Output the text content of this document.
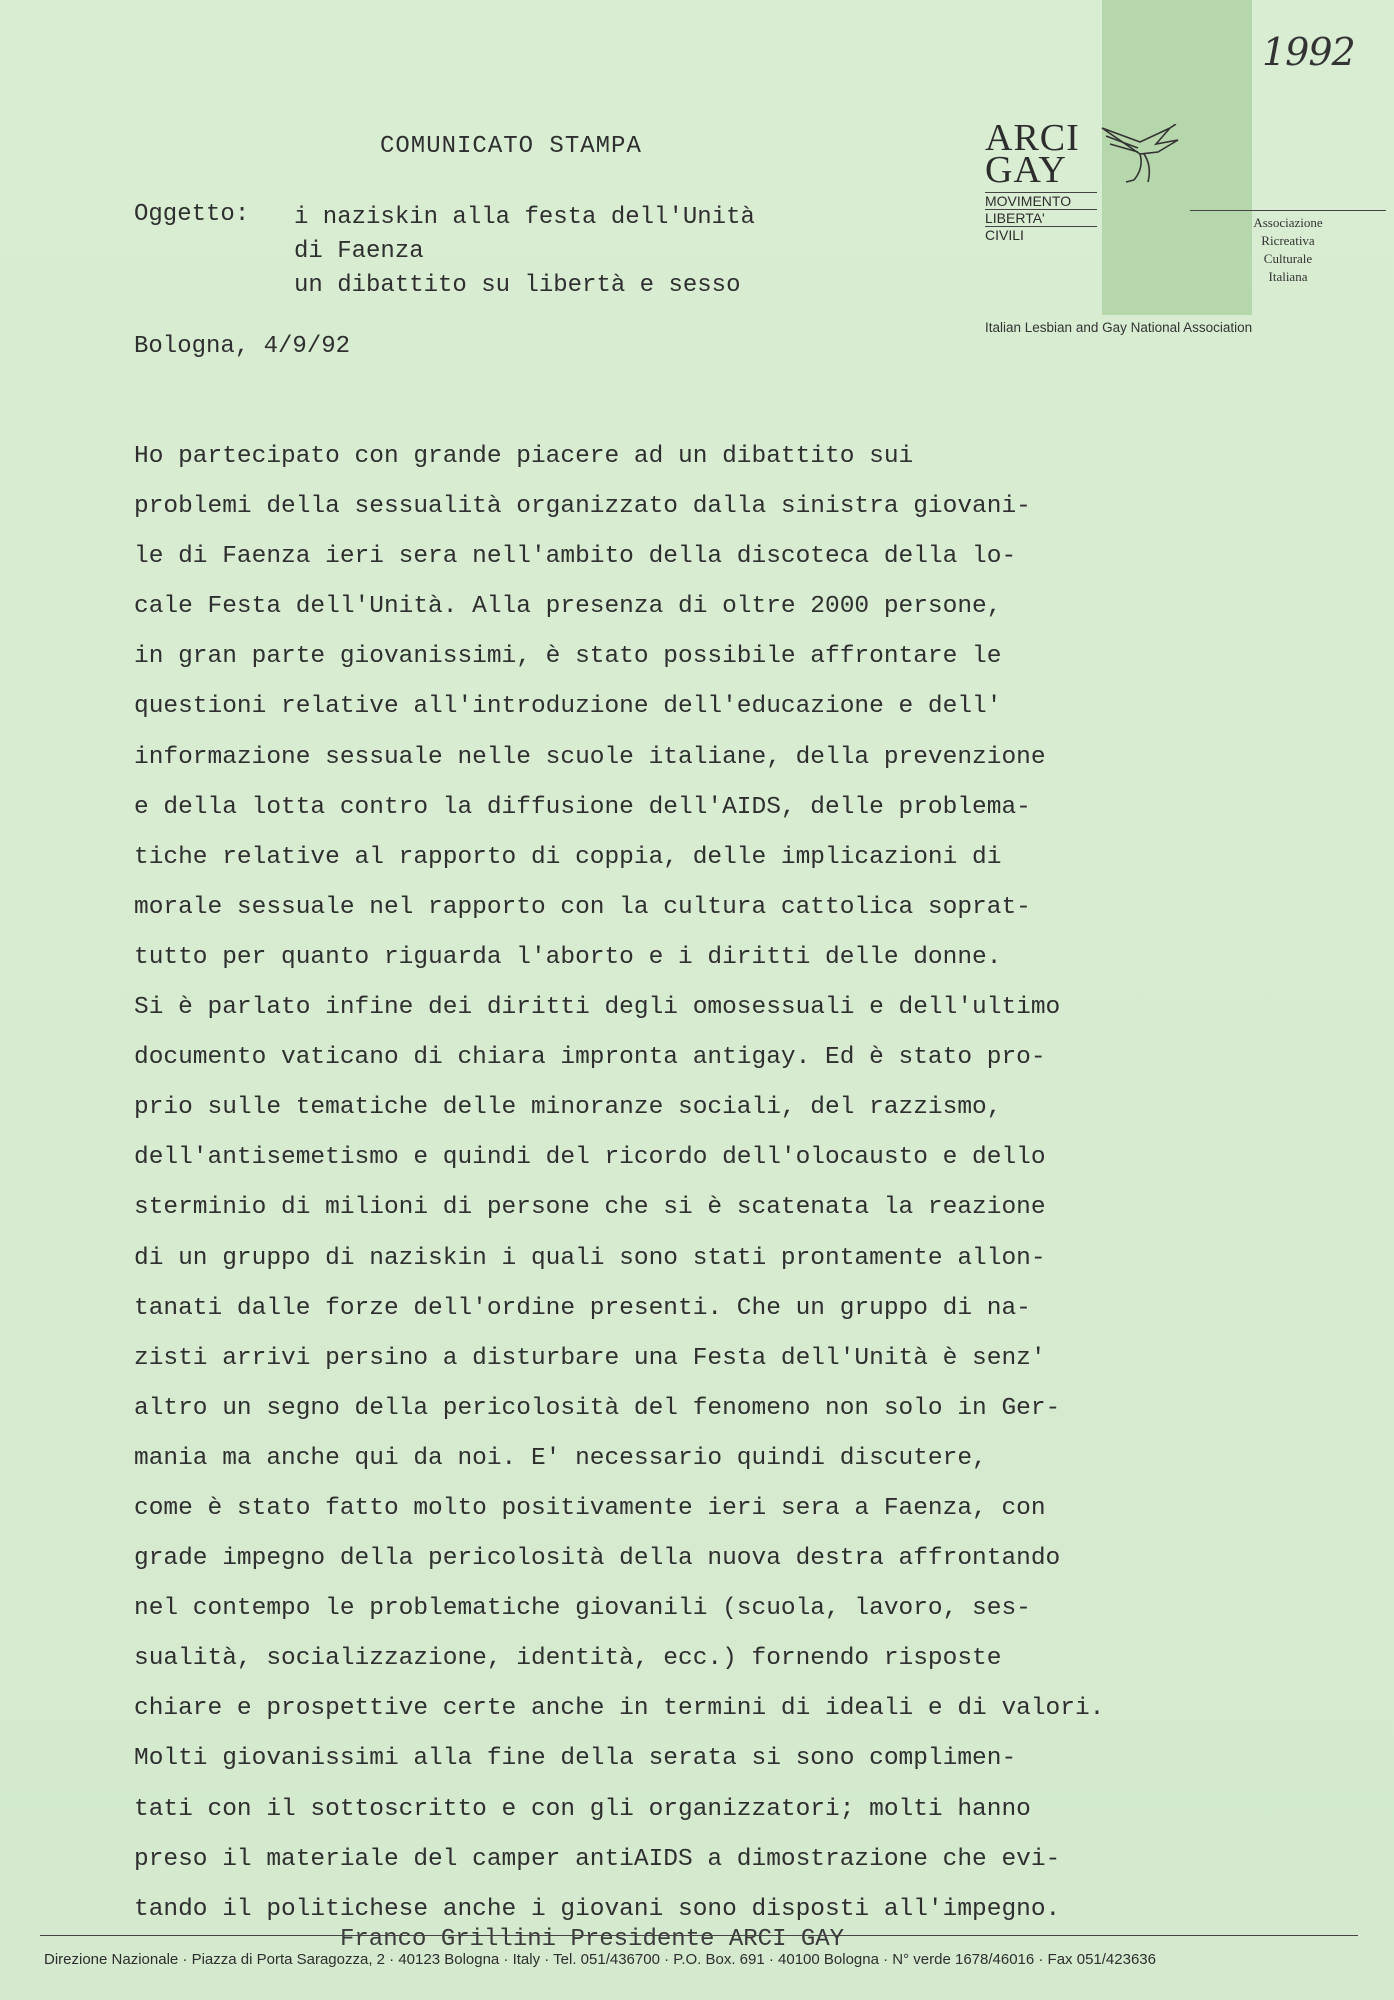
1992
ARCI
GAY
MOVIMENTO
LIBERTA'
CIVILI
Associazione
Ricreativa
Culturale
Italiana
Italian Lesbian and Gay National Association
COMUNICATO STAMPA
Oggetto: i naziskin alla festa dell'Unità
di Faenza
un dibattito su libertà e sesso
Bologna, 4/9/92
Ho partecipato con grande piacere ad un dibattito sui
problemi della sessualità organizzato dalla sinistra giovani-
le di Faenza ieri sera nell'ambito della discoteca della lo-
cale Festa dell'Unità. Alla presenza di oltre 2000 persone,
in gran parte giovanissimi, è stato possibile affrontare le
questioni relative all'introduzione dell'educazione e dell'
informazione sessuale nelle scuole italiane, della prevenzione
e della lotta contro la diffusione dell'AIDS, delle problema-
tiche relative al rapporto di coppia, delle implicazioni di
morale sessuale nel rapporto con la cultura cattolica soprat-
tutto per quanto riguarda l'aborto e i diritti delle donne.
Si è parlato infine dei diritti degli omosessuali e dell'ultimo
documento vaticano di chiara impronta antigay. Ed è stato pro-
prio sulle tematiche delle minoranze sociali, del razzismo,
dell'antisemetismo e quindi del ricordo dell'olocausto e dello
sterminio di milioni di persone che si è scatenata la reazione
di un gruppo di naziskin i quali sono stati prontamente allon-
tanati dalle forze dell'ordine presenti. Che un gruppo di na-
zisti arrivi persino a disturbare una Festa dell'Unità è senz'
altro un segno della pericolosità del fenomeno non solo in Ger-
mania ma anche qui da noi. E' necessario quindi discutere,
come è stato fatto molto positivamente ieri sera a Faenza, con
grade impegno della pericolosità della nuova destra affrontando
nel contempo le problematiche giovanili (scuola, lavoro, ses-
sualità, socializzazione, identità, ecc.) fornendo risposte
chiare e prospettive certe anche in termini di ideali e di valori.
Molti giovanissimi alla fine della serata si sono complimen-
tati con il sottoscritto e con gli organizzatori; molti hanno
preso il materiale del camper antiAIDS a dimostrazione che evi-
tando il politichese anche i giovani sono disposti all'impegno.
Franco Grillini Presidente ARCI GAY
Direzione Nazionale · Piazza di Porta Saragozza, 2 · 40123 Bologna · Italy · Tel. 051/436700 · P.O. Box. 691 · 40100 Bologna · N° verde 1678/46016 · Fax 051/423636
